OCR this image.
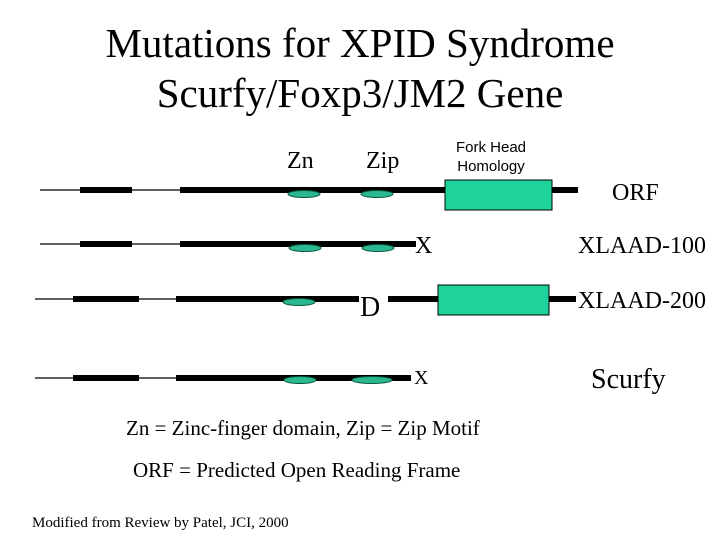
Mutations for XPID Syndrome
Scurfy/Foxp3/JM2 Gene
Zn Zip
Fork Head
Homology
X
D
X
ORF
XLAAD-100
XLAAD-200
Scurfy
Zn = Zinc-finger domain, Zip = Zip Motif
ORF = Predicted Open Reading Frame
Modified from Review by Patel, JCI, 2000
